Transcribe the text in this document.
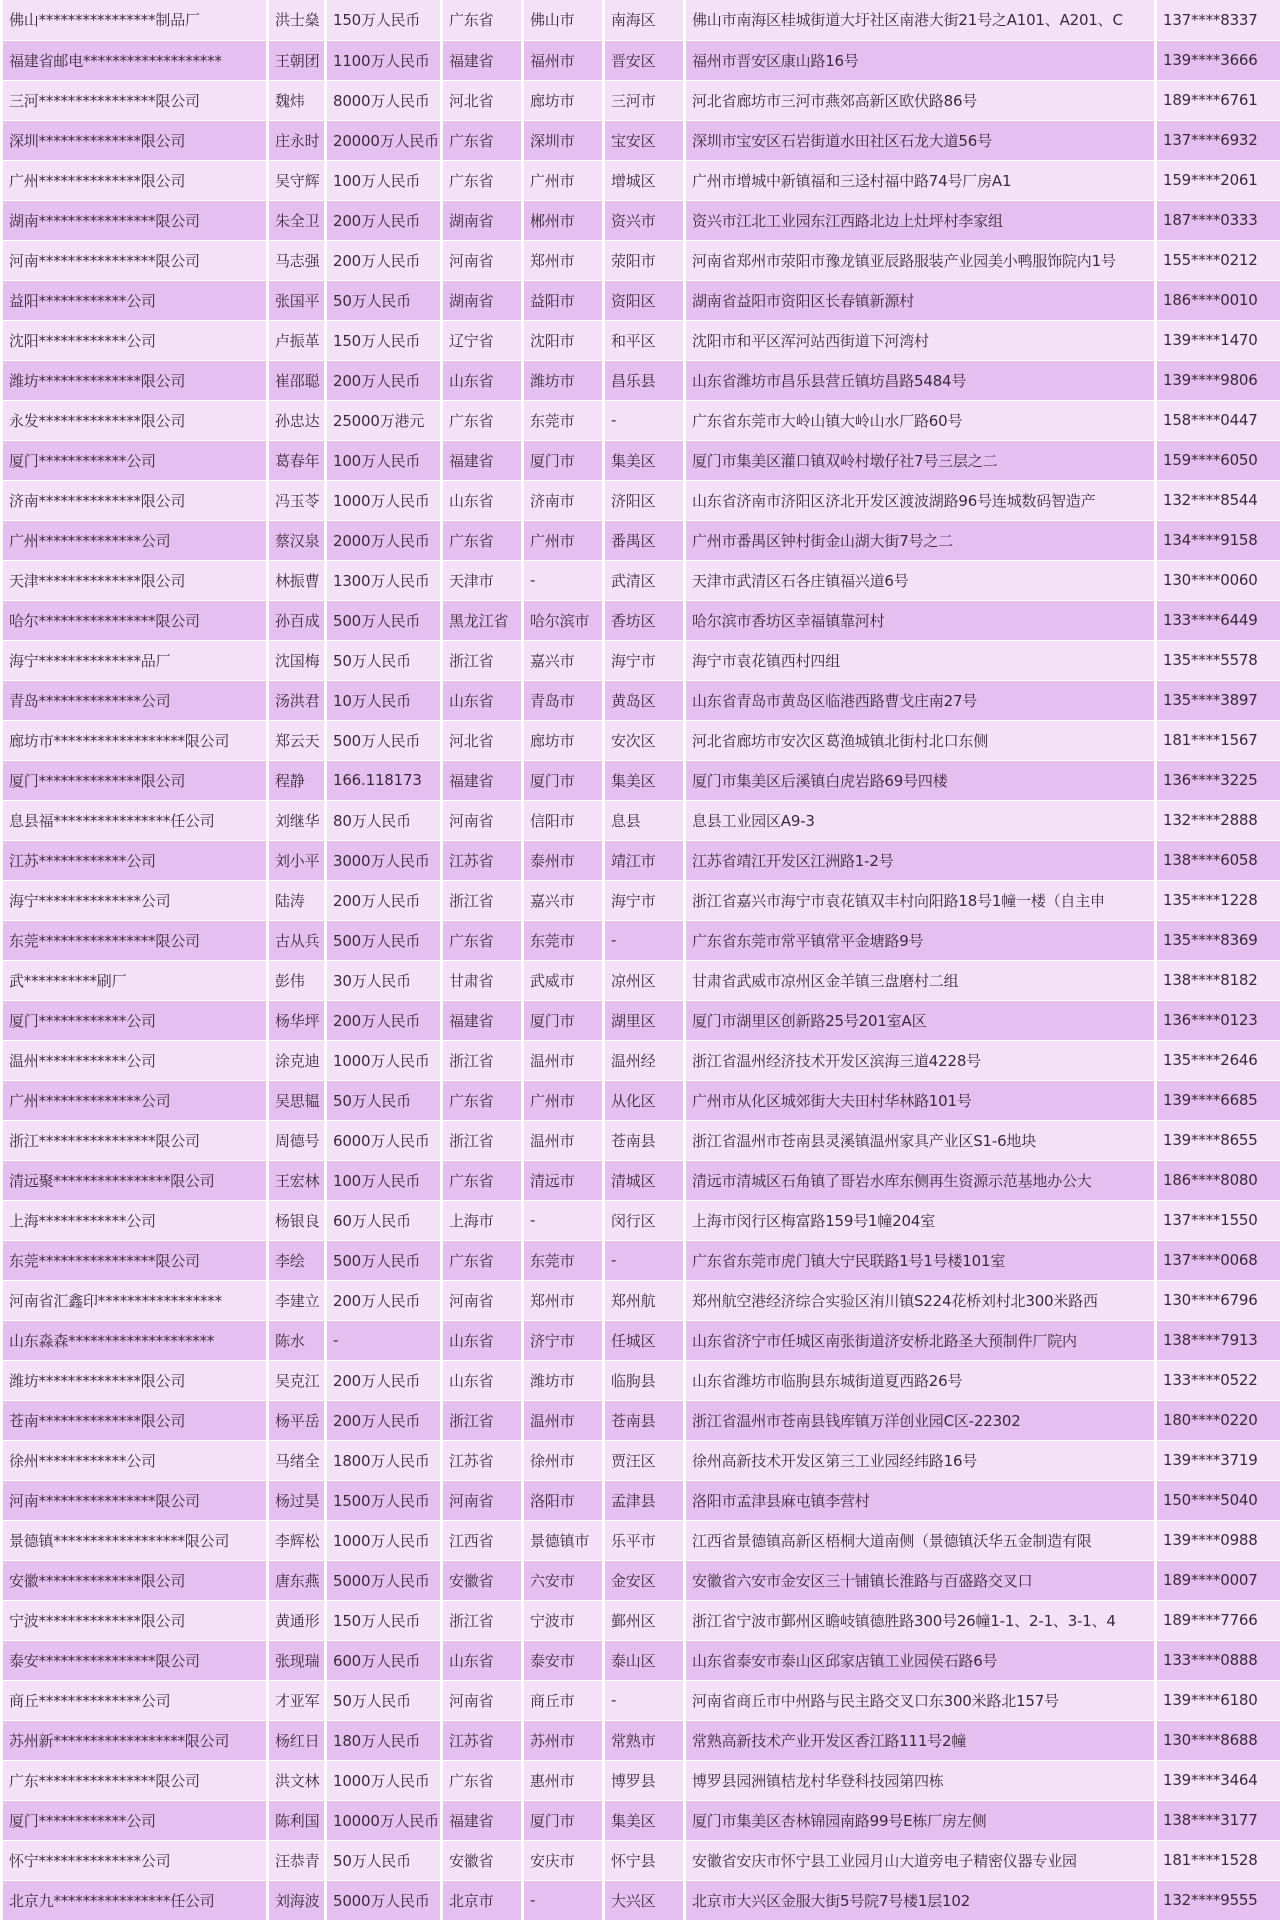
佛山****************制品厂	洪士燊	150万人民币	广东省	佛山市	南海区	佛山市南海区桂城街道大圩社区南港大街21号之A101、A201、C	137****8337
福建省邮电*******************	王朝团	1100万人民币	福建省	福州市	晋安区	福州市晋安区康山路16号	139****3666
三河****************限公司	魏炜	8000万人民币	河北省	廊坊市	三河市	河北省廊坊市三河市燕郊高新区欧伏路86号	189****6761
深圳**************限公司	庄永时	20000万人民币	广东省	深圳市	宝安区	深圳市宝安区石岩街道水田社区石龙大道56号	137****6932
广州**************限公司	吴守辉	100万人民币	广东省	广州市	增城区	广州市增城中新镇福和三迳村福中路74号厂房A1	159****2061
湖南****************限公司	朱全卫	200万人民币	湖南省	郴州市	资兴市	资兴市江北工业园东江西路北边上灶坪村李家组	187****0333
河南****************限公司	马志强	200万人民币	河南省	郑州市	荥阳市	河南省郑州市荥阳市豫龙镇亚辰路服装产业园美小鸭服饰院内1号	155****0212
益阳************公司	张国平	50万人民币	湖南省	益阳市	资阳区	湖南省益阳市资阳区长春镇新源村	186****0010
沈阳************公司	卢振革	150万人民币	辽宁省	沈阳市	和平区	沈阳市和平区浑河站西街道下河湾村	139****1470
潍坊**************限公司	崔邵聪	200万人民币	山东省	潍坊市	昌乐县	山东省潍坊市昌乐县营丘镇坊昌路5484号	139****9806
永发**************限公司	孙忠达	25000万港元	广东省	东莞市	-	广东省东莞市大岭山镇大岭山水厂路60号	158****0447
厦门************公司	葛春年	100万人民币	福建省	厦门市	集美区	厦门市集美区灌口镇双岭村墩仔社7号三层之二	159****6050
济南**************限公司	冯玉苓	1000万人民币	山东省	济南市	济阳区	山东省济南市济阳区济北开发区渡波湖路96号连城数码智造产	132****8544
广州**************公司	蔡汉泉	2000万人民币	广东省	广州市	番禺区	广州市番禺区钟村街金山湖大街7号之二	134****9158
天津**************限公司	林振曹	1300万人民币	天津市	-	武清区	天津市武清区石各庄镇福兴道6号	130****0060
哈尔****************限公司	孙百成	500万人民币	黑龙江省	哈尔滨市	香坊区	哈尔滨市香坊区幸福镇靠河村	133****6449
海宁**************品厂	沈国梅	50万人民币	浙江省	嘉兴市	海宁市	海宁市袁花镇西村四组	135****5578
青岛**************公司	汤洪君	10万人民币	山东省	青岛市	黄岛区	山东省青岛市黄岛区临港西路曹戈庄南27号	135****3897
廊坊市******************限公司	郑云天	500万人民币	河北省	廊坊市	安次区	河北省廊坊市安次区葛渔城镇北街村北口东侧	181****1567
厦门**************限公司	程静	166.118173	福建省	厦门市	集美区	厦门市集美区后溪镇白虎岩路69号四楼	136****3225
息县福****************任公司	刘继华	80万人民币	河南省	信阳市	息县	息县工业园区A9-3	132****2888
江苏************公司	刘小平	3000万人民币	江苏省	泰州市	靖江市	江苏省靖江开发区江洲路1-2号	138****6058
海宁**************公司	陆涛	200万人民币	浙江省	嘉兴市	海宁市	浙江省嘉兴市海宁市袁花镇双丰村向阳路18号1幢一楼（自主申	135****1228
东莞****************限公司	古从兵	500万人民币	广东省	东莞市	-	广东省东莞市常平镇常平金塘路9号	135****8369
武**********刷厂	彭伟	30万人民币	甘肃省	武威市	凉州区	甘肃省武威市凉州区金羊镇三盘磨村二组	138****8182
厦门************公司	杨华坪	200万人民币	福建省	厦门市	湖里区	厦门市湖里区创新路25号201室A区	136****0123
温州************公司	涂克迪	1000万人民币	浙江省	温州市	温州经	浙江省温州经济技术开发区滨海三道4228号	135****2646
广州**************公司	吴思韫	50万人民币	广东省	广州市	从化区	广州市从化区城郊街大夫田村华林路101号	139****6685
浙江****************限公司	周德号	6000万人民币	浙江省	温州市	苍南县	浙江省温州市苍南县灵溪镇温州家具产业区S1-6地块	139****8655
清远聚****************限公司	王宏林	100万人民币	广东省	清远市	清城区	清远市清城区石角镇了哥岩水库东侧再生资源示范基地办公大	186****8080
上海************公司	杨银良	60万人民币	上海市	-	闵行区	上海市闵行区梅富路159号1幢204室	137****1550
东莞****************限公司	李绘	500万人民币	广东省	东莞市	-	广东省东莞市虎门镇大宁民联路1号1号楼101室	137****0068
河南省汇鑫印*****************	李建立	200万人民币	河南省	郑州市	郑州航	郑州航空港经济综合实验区洧川镇S224花桥刘村北300米路西	130****6796
山东淼森********************	陈水	-	山东省	济宁市	任城区	山东省济宁市任城区南张街道济安桥北路圣大预制件厂院内	138****7913
潍坊**************限公司	吴克江	200万人民币	山东省	潍坊市	临朐县	山东省潍坊市临朐县东城街道夏西路26号	133****0522
苍南**************限公司	杨平岳	200万人民币	浙江省	温州市	苍南县	浙江省温州市苍南县钱库镇万洋创业园C区-22302	180****0220
徐州************公司	马绪全	1800万人民币	江苏省	徐州市	贾汪区	徐州高新技术开发区第三工业园经纬路16号	139****3719
河南****************限公司	杨过昊	1500万人民币	河南省	洛阳市	孟津县	洛阳市孟津县麻屯镇李营村	150****5040
景德镇******************限公司	李辉松	1000万人民币	江西省	景德镇市	乐平市	江西省景德镇高新区梧桐大道南侧（景德镇沃华五金制造有限	139****0988
安徽**************限公司	唐东燕	5000万人民币	安徽省	六安市	金安区	安徽省六安市金安区三十铺镇长淮路与百盛路交叉口	189****0007
宁波**************限公司	黄通形	150万人民币	浙江省	宁波市	鄞州区	浙江省宁波市鄞州区瞻岐镇德胜路300号26幢1-1、2-1、3-1、4	189****7766
泰安****************限公司	张现瑞	600万人民币	山东省	泰安市	泰山区	山东省泰安市泰山区邱家店镇工业园侯石路6号	133****0888
商丘**************公司	才亚军	50万人民币	河南省	商丘市	-	河南省商丘市中州路与民主路交叉口东300米路北157号	139****6180
苏州新******************限公司	杨红日	180万人民币	江苏省	苏州市	常熟市	常熟高新技术产业开发区香江路111号2幢	130****8688
广东****************限公司	洪文林	1000万人民币	广东省	惠州市	博罗县	博罗县园洲镇桔龙村华登科技园第四栋	139****3464
厦门************公司	陈利国	10000万人民币	福建省	厦门市	集美区	厦门市集美区杏林锦园南路99号E栋厂房左侧	138****3177
怀宁**************公司	汪恭青	50万人民币	安徽省	安庆市	怀宁县	安徽省安庆市怀宁县工业园月山大道旁电子精密仪器专业园	181****1528
北京九****************任公司	刘海波	5000万人民币	北京市	-	大兴区	北京市大兴区金服大街5号院7号楼1层102	132****9555
